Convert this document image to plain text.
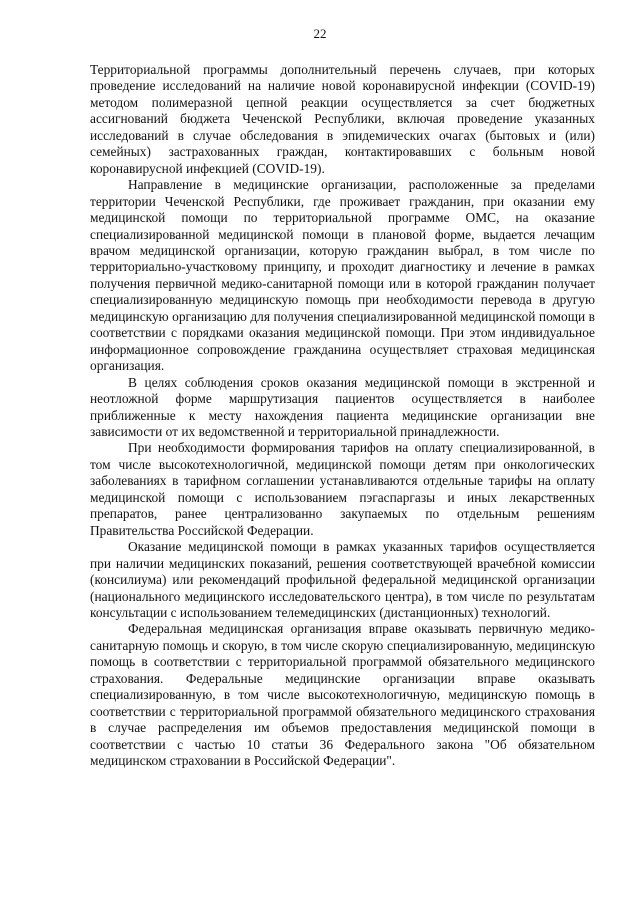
22

Территориальной программы дополнительный перечень случаев, при которых проведение исследований на наличие новой коронавирусной инфекции (COVID-19) методом полимеразной цепной реакции осуществляется за счет бюджетных ассигнований бюджета Чеченской Республики, включая проведение указанных исследований в случае обследования в эпидемических очагах (бытовых и (или) семейных) застрахованных граждан, контактировавших с больным новой коронавирусной инфекцией (COVID-19).

Направление в медицинские организации, расположенные за пределами территории Чеченской Республики, где проживает гражданин, при оказании ему медицинской помощи по территориальной программе ОМС, на оказание специализированной медицинской помощи в плановой форме, выдается лечащим врачом медицинской организации, которую гражданин выбрал, в том числе по территориально-участковому принципу, и проходит диагностику и лечение в рамках получения первичной медико-санитарной помощи или в которой гражданин получает специализированную медицинскую помощь при необходимости перевода в другую медицинскую организацию для получения специализированной медицинской помощи в соответствии с порядками оказания медицинской помощи. При этом индивидуальное информационное сопровождение гражданина осуществляет страховая медицинская организация.

В целях соблюдения сроков оказания медицинской помощи в экстренной и неотложной форме маршрутизация пациентов осуществляется в наиболее приближенные к месту нахождения пациента медицинские организации вне зависимости от их ведомственной и территориальной принадлежности.

При необходимости формирования тарифов на оплату специализированной, в том числе высокотехнологичной, медицинской помощи детям при онкологических заболеваниях в тарифном соглашении устанавливаются отдельные тарифы на оплату медицинской помощи с использованием пэгаспаргазы и иных лекарственных препаратов, ранее централизованно закупаемых по отдельным решениям Правительства Российской Федерации.

Оказание медицинской помощи в рамках указанных тарифов осуществляется при наличии медицинских показаний, решения соответствующей врачебной комиссии (консилиума) или рекомендаций профильной федеральной медицинской организации (национального медицинского исследовательского центра), в том числе по результатам консультации с использованием телемедицинских (дистанционных) технологий.

Федеральная медицинская организация вправе оказывать первичную медико-санитарную помощь и скорую, в том числе скорую специализированную, медицинскую помощь в соответствии с территориальной программой обязательного медицинского страхования. Федеральные медицинские организации вправе оказывать специализированную, в том числе высокотехнологичную, медицинскую помощь в соответствии с территориальной программой обязательного медицинского страхования в случае распределения им объемов предоставления медицинской помощи в соответствии с частью 10 статьи 36 Федерального закона "Об обязательном медицинском страховании в Российской Федерации".
